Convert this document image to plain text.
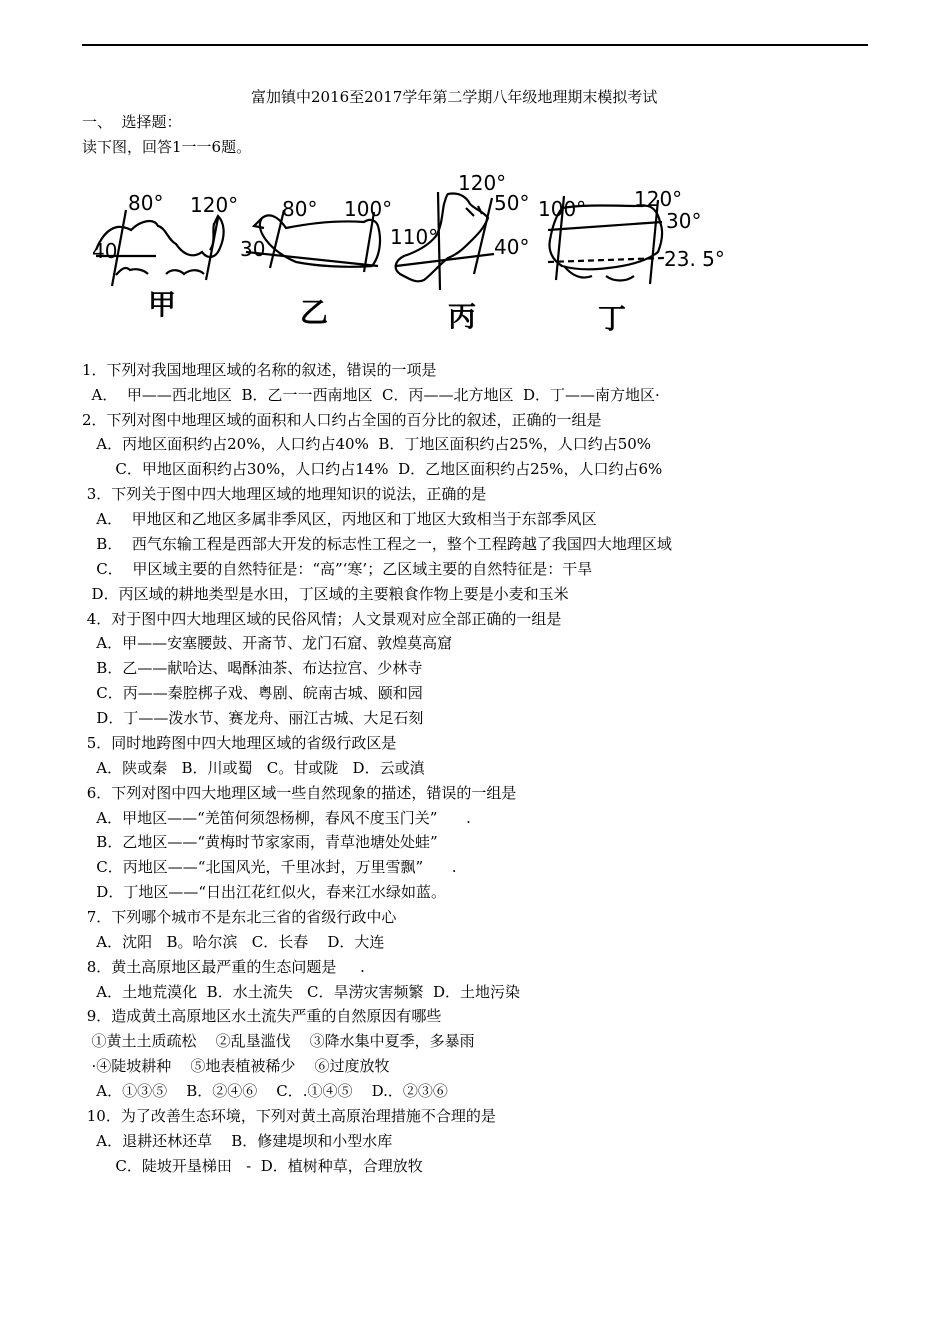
富加镇中2016至2017学年第二学期八年级地理期末模拟考试
一、  选择题：
读下图，回答1一一6题。
80° 120°
40
甲
80° 100°
30
乙
120°
50°
110°	40°
丙
100° 120°
30°
23. 5°
丁
1．下列对我国地理区域的名称的叙述，错误的一项是
A．  甲——西北地区  B．乙一一西南地区  C．丙——北方地区  D．丁——南方地区·
2．下列对图中地理区域的面积和人口约占全国的百分比的叙述，正确的一组是
A．丙地区面积约占20%，人口约占40%  B．丁地区面积约占25%，人口约占50%
C．甲地区面积约占30%，人口约占14%  D．乙地区面积约占25%，人口约占6%
3．下列关于图中四大地理区域的地理知识的说法，正确的是
A．  甲地区和乙地区多属非季风区，丙地区和丁地区大致相当于东部季风区
B．  西气东输工程是西部大开发的标志性工程之一，整个工程跨越了我国四大地理区域
C．  甲区域主要的自然特征是：“高”‘寒’；乙区域主要的自然特征是：干旱
D．丙区域的耕地类型是水田，丁区域的主要粮食作物上要是小麦和玉米
4．对于图中四大地理区域的民俗风情；人文景观对应全部正确的一组是
A．甲——安塞腰鼓、开斋节、龙门石窟、敦煌莫高窟
B．乙——献哈达、喝酥油茶、布达拉宫、少林寺
C．丙——秦腔梆子戏、粤剧、皖南古城、颐和园
D．丁——泼水节、赛龙舟、丽江古城、大足石刻
5．同时地跨图中四大地理区域的省级行政区是
A．陕或秦   B．川或蜀   C。甘或陇   D．云或滇
6．下列对图中四大地理区域一些自然现象的描述，错误的一组是
A．甲地区——“羌笛何须怨杨柳，春风不度玉门关”      .
B．乙地区——“黄梅时节家家雨，青草池塘处处蛙”
C．丙地区——“北国风光，千里冰封，万里雪飘”      .
D．丁地区——“日出江花红似火，春来江水绿如蓝。
7．下列哪个城市不是东北三省的省级行政中心
A．沈阳   B。哈尔滨   C．长春    D．大连
8．黄土高原地区最严重的生态问题是     .
A．土地荒漠化  B．水土流失   C．旱涝灾害频繁  D．土地污染
9．造成黄土高原地区水土流失严重的自然原因有哪些
①黄土土质疏松    ②乱垦滥伐    ③降水集中夏季，多暴雨
·④陡坡耕种    ⑤地表植被稀少    ⑥过度放牧
A．①③⑤    B．②④⑥    C．.①④⑤    D.．②③⑥
10．为了改善生态环境，下列对黄土高原治理措施不合理的是
A．退耕还林还草    B．修建堤坝和小型水库
C．陡坡开垦梯田   -  D．植树种草，合理放牧
